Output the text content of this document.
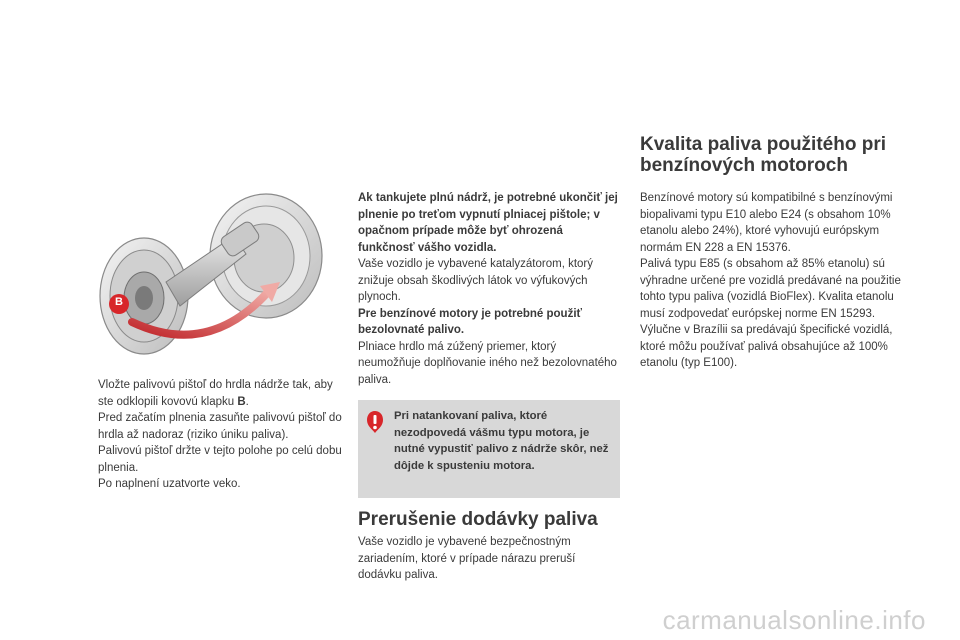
B
Vložte palivovú pištoľ do hrdla nádrže tak, aby ste odklopili kovovú klapku B.
Pred začatím plnenia zasuňte palivovú pištoľ do hrdla až nadoraz (riziko úniku paliva).
Palivovú pištoľ držte v tejto polohe po celú dobu plnenia.
Po naplnení uzatvorte veko.

Ak tankujete plnú nádrž, je potrebné ukončiť jej plnenie po treťom vypnutí plniacej pištole; v opačnom prípade môže byť ohrozená funkčnosť vášho vozidla.

Vaše vozidlo je vybavené katalyzátorom, ktorý znižuje obsah škodlivých látok vo výfukových plynoch.

Pre benzínové motory je potrebné použiť bezolovnaté palivo.

Plniace hrdlo má zúžený priemer, ktorý neumožňuje doplňovanie iného než bezolovnatého paliva.

Pri natankovaní paliva, ktoré nezodpovedá vášmu typu motora, je nutné vypustiť palivo z nádrže skôr, než dôjde k spusteniu motora.

Prerušenie dodávky paliva

Vaše vozidlo je vybavené bezpečnostným zariadením, ktoré v prípade nárazu preruší dodávku paliva.

Kvalita paliva použitého pri benzínových motoroch

Benzínové motory sú kompatibilné s benzínovými biopalivami typu E10 alebo E24 (s obsahom 10% etanolu alebo 24%), ktoré vyhovujú európskym normám EN 228 a EN 15376.

Palivá typu E85 (s obsahom až 85% etanolu) sú výhradne určené pre vozidlá predávané na použitie tohto typu paliva (vozidlá BioFlex). Kvalita etanolu musí zodpovedať európskej norme EN 15293.

Výlučne v Brazílii sa predávajú špecifické vozidlá, ktoré môžu používať palivá obsahujúce až 100% etanolu (typ E100).

carmanualsonline.info
